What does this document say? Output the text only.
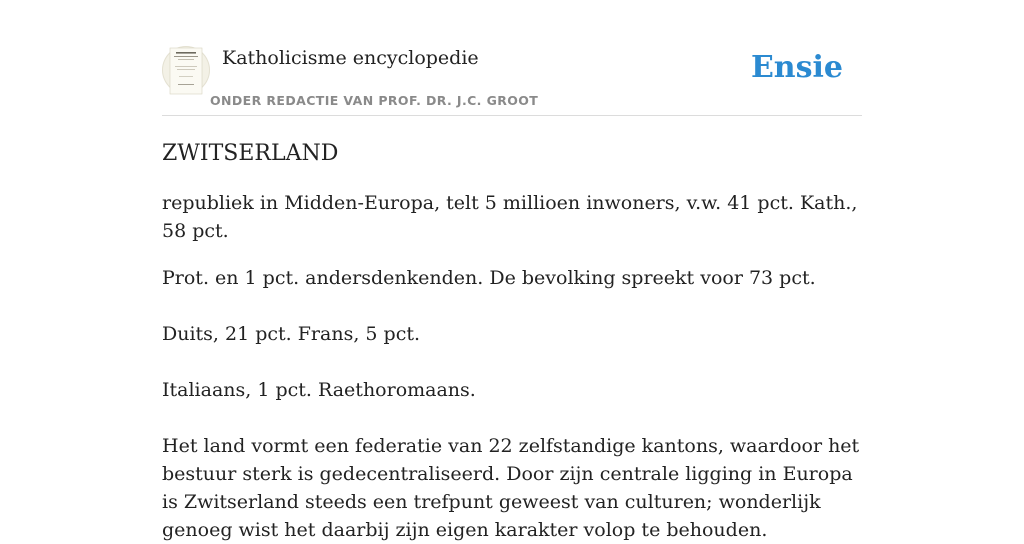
Katholicisme encyclopedie
ONDER REDACTIE VAN PROF. DR. J.C. GROOT
Ensie
ZWITSERLAND

republiek in Midden-Europa, telt 5 millioen inwoners, v.w. 41 pct. Kath., 58 pct.

Prot. en 1 pct. andersdenkenden. De bevolking spreekt voor 73 pct.

Duits, 21 pct. Frans, 5 pct.

Italiaans, 1 pct. Raethoromaans.

Het land vormt een federatie van 22 zelfstandige kantons, waardoor het bestuur sterk is gedecentraliseerd. Door zijn centrale ligging in Europa is Zwitserland steeds een trefpunt geweest van culturen; wonderlijk genoeg wist het daarbij zijn eigen karakter volop te behouden.
